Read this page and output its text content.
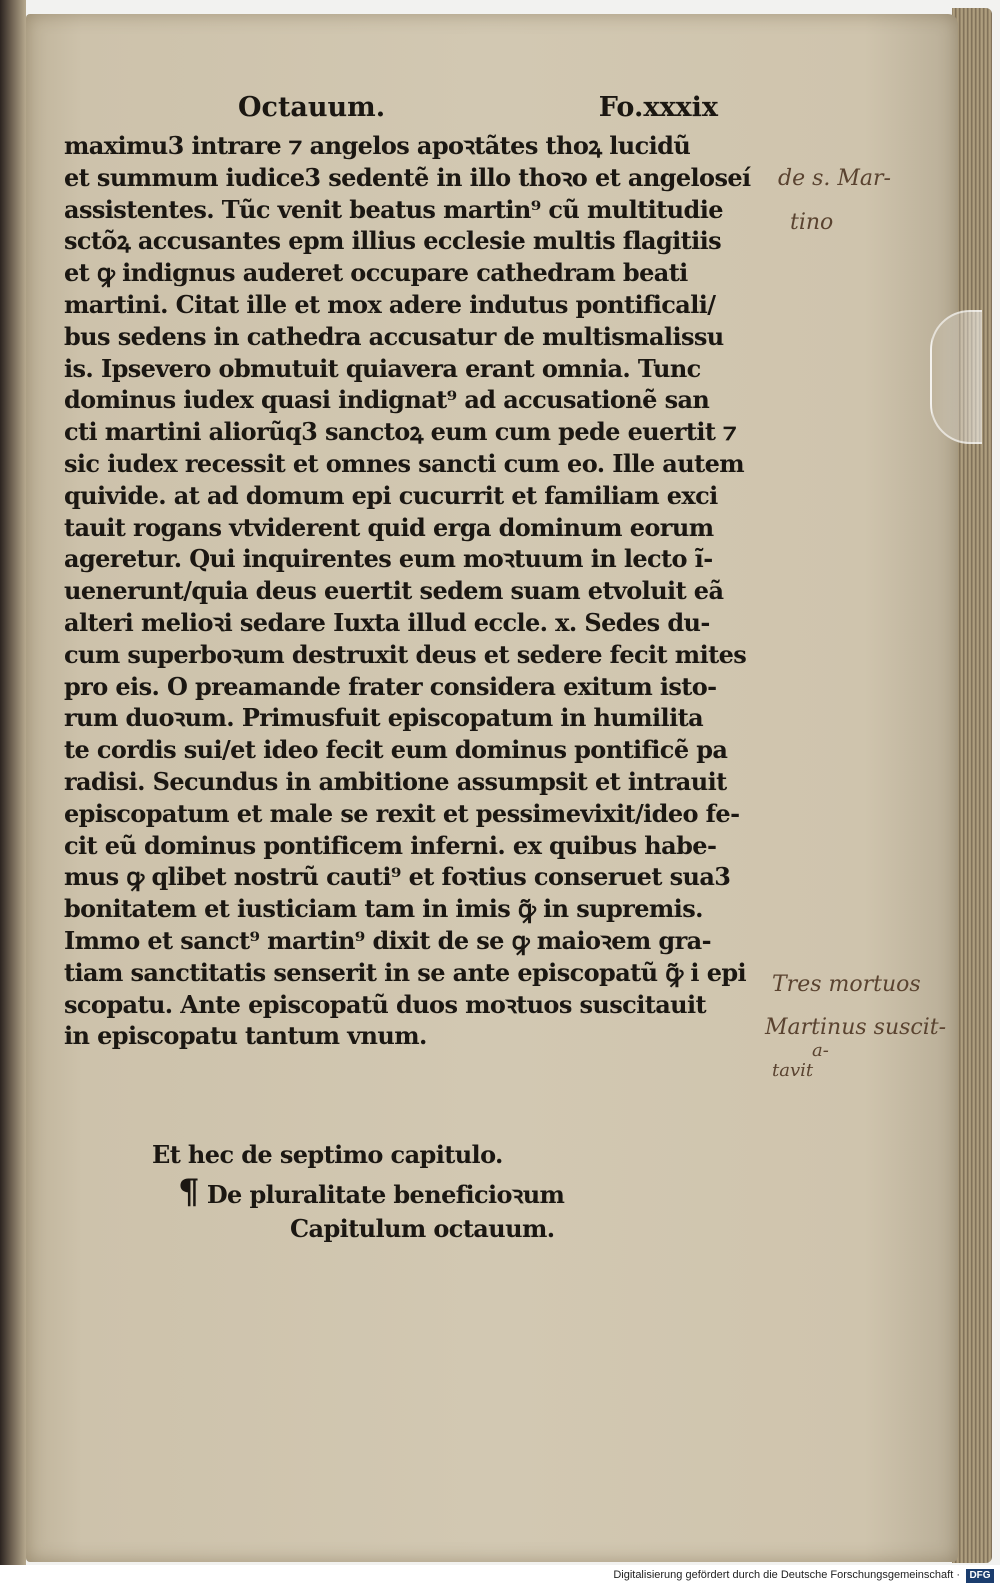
Octauum.	Fo.xxxix
maximu3 intrare ⁊ angelos apoꝛtãtes thoꝝ lucidũ
et summum iudice3 sedentẽ in illo thoꝛo et angeloseí
assistentes. Tũc venit beatus martin⁹ cũ multitudie
sctõꝝ accusantes epm illius ecclesie multis flagitiis
et ꝙ indignus auderet occupare cathedram beati
martini. Citat ille et mox adere indutus pontificali/
bus sedens in cathedra accusatur de multismalissu
is. Ipsevero obmutuit quiavera erant omnia. Tunc
dominus iudex quasi indignat⁹ ad accusationẽ san
cti martini aliorũq3 sanctoꝝ eum cum pede euertit ⁊
sic iudex recessit et omnes sancti cum eo. Ille autem
quivide. at ad domum epi cucurrit et familiam exci
tauit rogans vtviderent quid erga dominum eorum
ageretur. Qui inquirentes eum moꝛtuum in lecto ĩ-
uenerunt/quia deus euertit sedem suam etvoluit eã
alteri melioꝛi sedare Iuxta illud eccle. x. Sedes du-
cum superboꝛum destruxit deus et sedere fecit mites
pro eis. O preamande frater considera exitum isto-
rum duoꝛum. Primusfuit episcopatum in humilita
te cordis sui/et ideo fecit eum dominus pontificẽ pa
radisi. Secundus in ambitione assumpsit et intrauit
episcopatum et male se rexit et pessimevixit/ideo fe-
cit eũ dominus pontificem inferni. ex quibus habe-
mus ꝙ qlibet nostrũ cauti⁹ et foꝛtius conseruet sua3
bonitatem et iusticiam tam in imis ꝙ̃ in supremis.
Immo et sanct⁹ martin⁹ dixit de se ꝙ maioꝛem gra-
tiam sanctitatis senserit in se ante episcopatũ ꝙ̃ i epi
scopatu. Ante episcopatũ duos moꝛtuos suscitauit
in episcopatu tantum vnum.
Et hec de septimo capitulo.
¶ De pluralitate beneficioꝛum
Capitulum octauum.
de s. Mar-
tino
Tres mortuos
Martinus suscit-
a-
tavit
Digitalisierung gefördert durch die Deutsche Forschungsgemeinschaft · DFG
